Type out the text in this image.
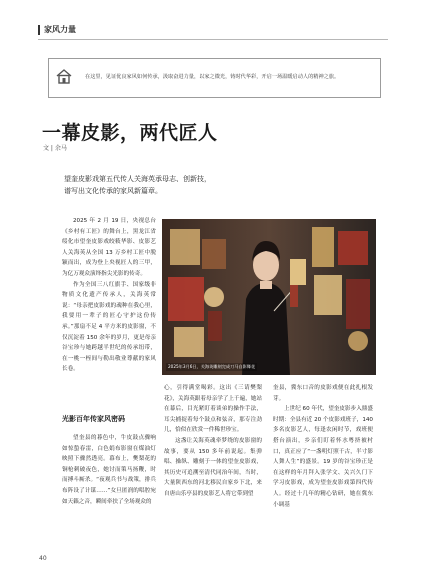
家风力量
在这里，见证优良家风如何传承，汲取奋进力量，以家之微光，铸时代华彩，开启一场温暖启动人的精神之旅。
一幕皮影，两代匠人
文 | 余马
望奎皮影戏第五代传人关海英承母志、创新技，
谱写出文化传承的家风新篇章。

2025 年 2 月 19 日，央视总台《乡村有工匠》的舞台上，黑龙江省绥化市望奎皮影戏皎筱华影、皮影艺人关海英从全国 13 万乡村工匠中脱颖而出，成为登上央视匠人的三甲，为亿万观众演绎指尖光影的传奇。

作为全国三八红旗手、国家级非物质文化遗产传承人，关海英常说：“母亲把皮影戏的魂种在我心里，我要用一辈子的匠心守护这份传承。”那扇不足 4 平方米的皮影窗，不仅沉淀着 150 余年的岁月，更是母亲谷宝珍与她跨越半世纪的传承纽带，在一桃一桎间与勒出敬业尊献的家风长卷。

光影百年传家风密码

望奎县的暮色中，牛皮鼓点骤响如惊蛰春雷，白色娟布影窗在煤油灯映照下骤然透亮。幕布上，樊梨花的铜枪刺破夜色，她讨而策马扬鞭，时而搏斗厮杀。“夜观兵书与战策，排兵布阵设了计谋……”女旦匿润的唱腔宛如天籁之音，瞬间牵扶了全场观众的

2025年3月6日，关海英雕刻完成刀马自影舞花

心，引得满堂喝彩。这出《三请樊梨花》，关海英跟着母亲学了上千遍，她站在幕后，目光紧盯着谈弟的操作手法，耳尖捕捉着每个鼓点和弦音，那专注劲儿，恰似在欣赏一件稀世珍宝。

这盏让关海英魂牵梦绕的皮影窗的故事，要从 150 多年前说起。集弹唱、操纵、雕刻于一体的望奎皮影戏，其历史可追溯至清代同治年间，当时，大量陕西东的河北移民自家乡下北，来自唐山乐亭县的皮影艺人将它带到望

奎县，冀东口音的皮影戏便在此扎根发芽。

上世纪 60 年代，望奎皮影步入鼎盛时期：全县有近 20 个皮影戏班子，140 多名皮影艺人，每逢农闲时节，戏班便搭台演出，乡亲们盯着怀水粤挤被村口，真正应了“一盏明灯照千古，半寸影人舞人生”的盛景。19 岁的谷宝珍正是在这样的年月拜入张学文、关兴久门下学习皮影戏，成为望奎皮影戏第四代传人。经过十几年的精心钻研，她在冀东小调基

40
